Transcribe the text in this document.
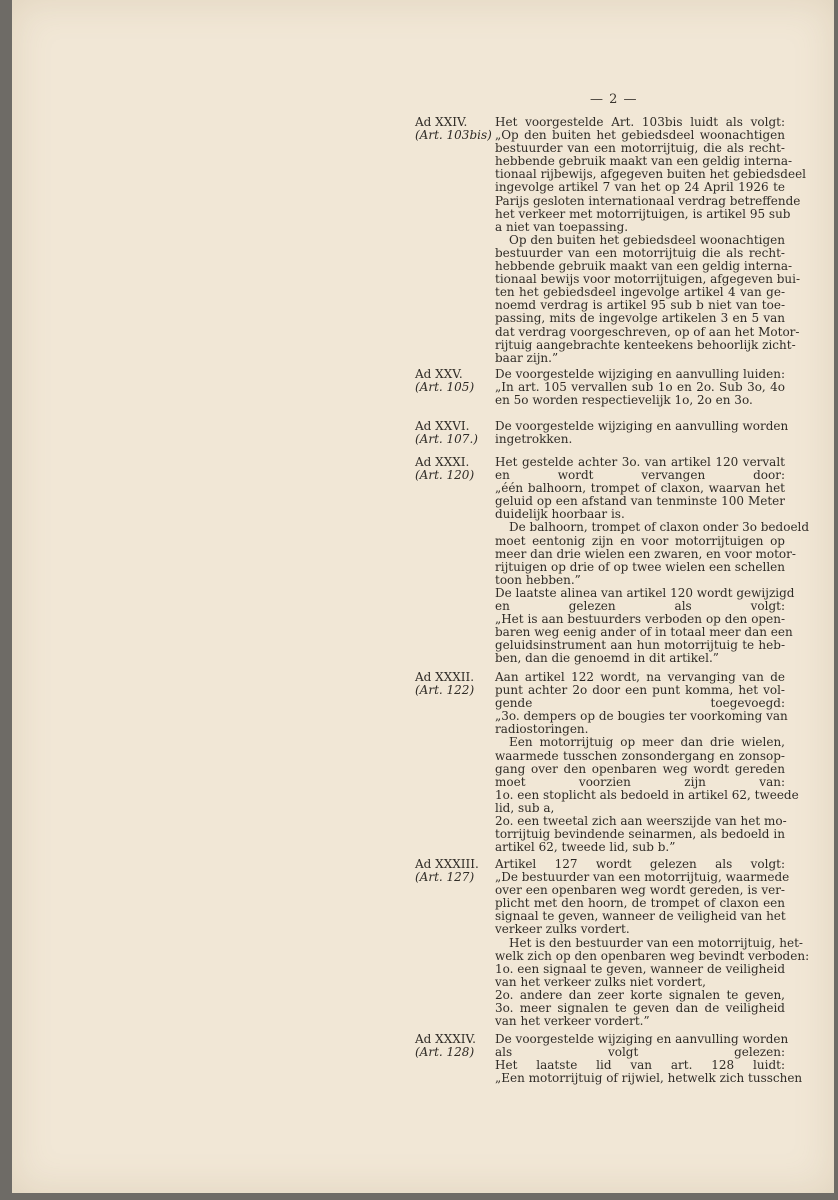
— 2 —
Ad XXIV.
(Art. 103bis)
Het voorgestelde Art. 103bis luidt als volgt:
„Op den buiten het gebiedsdeel woonachtigen
bestuurder van een motorrijtuig, die als recht-
hebbende gebruik maakt van een geldig interna-
tionaal rijbewijs, afgegeven buiten het gebiedsdeel
ingevolge artikel 7 van het op 24 April 1926 te
Parijs gesloten internationaal verdrag betreffende
het verkeer met motorrijtuigen, is artikel 95 sub
a niet van toepassing.
Op den buiten het gebiedsdeel woonachtigen
bestuurder van een motorrijtuig die als recht-
hebbende gebruik maakt van een geldig interna-
tionaal bewijs voor motorrijtuigen, afgegeven bui-
ten het gebiedsdeel ingevolge artikel 4 van ge-
noemd verdrag is artikel 95 sub b niet van toe-
passing, mits de ingevolge artikelen 3 en 5 van
dat verdrag voorgeschreven, op of aan het Motor-
rijtuig aangebrachte kenteekens behoorlijk zicht-
baar zijn.”
Ad XXV.
(Art. 105)
De voorgestelde wijziging en aanvulling luiden:
„In art. 105 vervallen sub 1o en 2o. Sub 3o, 4o
en 5o worden respectievelijk 1o, 2o en 3o.
Ad XXVI.
(Art. 107.)
De voorgestelde wijziging en aanvulling worden
ingetrokken.
Ad XXXI.
(Art. 120)
Het gestelde achter 3o. van artikel 120 vervalt
en wordt vervangen door:
„één balhoorn, trompet of claxon, waarvan het
geluid op een afstand van tenminste 100 Meter
duidelijk hoorbaar is.
De balhoorn, trompet of claxon onder 3o bedoeld
moet eentonig zijn en voor motorrijtuigen op
meer dan drie wielen een zwaren, en voor motor-
rijtuigen op drie of op twee wielen een schellen
toon hebben.”
De laatste alinea van artikel 120 wordt gewijzigd
en gelezen als volgt:
„Het is aan bestuurders verboden op den open-
baren weg eenig ander of in totaal meer dan een
geluidsinstrument aan hun motorrijtuig te heb-
ben, dan die genoemd in dit artikel.”
Ad XXXII.
(Art. 122)
Aan artikel 122 wordt, na vervanging van de
punt achter 2o door een punt komma, het vol-
gende toegevoegd:
„3o. dempers op de bougies ter voorkoming van
radiostoringen.
Een motorrijtuig op meer dan drie wielen,
waarmede tusschen zonsondergang en zonsop-
gang over den openbaren weg wordt gereden
moet voorzien zijn van:
1o. een stoplicht als bedoeld in artikel 62, tweede
lid, sub a,
2o. een tweetal zich aan weerszijde van het mo-
torrijtuig bevindende seinarmen, als bedoeld in
artikel 62, tweede lid, sub b.”
Ad XXXIII.
(Art. 127)
Artikel 127 wordt gelezen als volgt:
„De bestuurder van een motorrijtuig, waarmede
over een openbaren weg wordt gereden, is ver-
plicht met den hoorn, de trompet of claxon een
signaal te geven, wanneer de veiligheid van het
verkeer zulks vordert.
Het is den bestuurder van een motorrijtuig, het-
welk zich op den openbaren weg bevindt verboden:
1o. een signaal te geven, wanneer de veiligheid
van het verkeer zulks niet vordert,
2o. andere dan zeer korte signalen te geven,
3o. meer signalen te geven dan de veiligheid
van het verkeer vordert.”
Ad XXXIV.
(Art. 128)
De voorgestelde wijziging en aanvulling worden
als volgt gelezen:
Het laatste lid van art. 128 luidt:
„Een motorrijtuig of rijwiel, hetwelk zich tusschen
